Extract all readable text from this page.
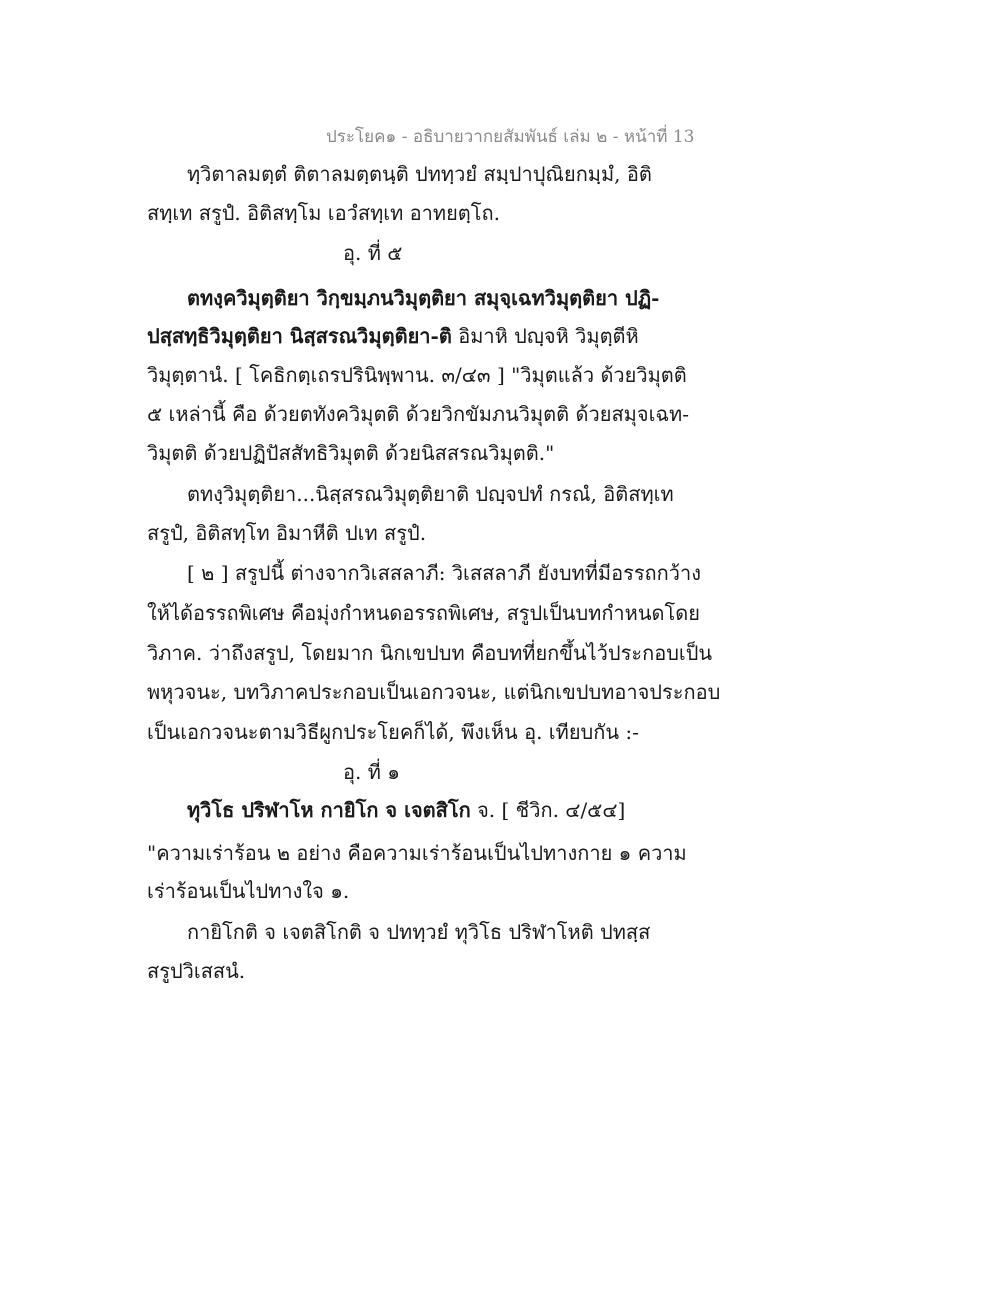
ประโยค๑ - อธิบายวากยสัมพันธ์ เล่ม ๒ - หน้าที่ 13
ทฺวิตาลมตฺตํ ติตาลมตฺตนฺติ ปททฺวยํ สมฺปาปุณิยกมฺมํ, อิติ
สทฺเท สรูปํ. อิติสทฺโม เอวํสทฺเท อาทยตฺโถ.
อุ. ที่ ๕
ตทงฺควิมุตฺติยา วิกฺขมฺภนวิมุตฺติยา สมุจฺเฉทวิมุตฺติยา ปฏิ-
ปสฺสทฺธิวิมุตฺติยา นิสฺสรณวิมุตฺติยา-ติ อิมาหิ ปญฺจหิ วิมุตฺตีหิ
วิมุตฺตานํ. [ โคธิกตฺเถรปรินิพฺพาน. ๓/๔๓ ] "วิมุตแล้ว ด้วยวิมุตติ
๕ เหล่านี้ คือ ด้วยตทังควิมุตติ ด้วยวิกขัมภนวิมุตติ ด้วยสมุจเฉท-
วิมุตติ ด้วยปฏิปัสสัทธิวิมุตติ ด้วยนิสสรณวิมุตติ."
ตทงฺวิมุตฺติยา...นิสฺสรณวิมุตฺติยาติ ปญฺจปทํ กรณํ, อิติสทฺเท
สรูปํ, อิติสทฺโท อิมาหีติ ปเท สรูปํ.
[ ๒ ] สรูปนี้ ต่างจากวิเสสลาภี: วิเสสลาภี ยังบทที่มีอรรถกว้าง
ให้ได้อรรถพิเศษ คือมุ่งกำหนดอรรถพิเศษ, สรูปเป็นบทกำหนดโดย
วิภาค. ว่าถึงสรูป, โดยมาก นิกเขปบท คือบทที่ยกขึ้นไว้ประกอบเป็น
พหุวจนะ, บทวิภาคประกอบเป็นเอกวจนะ, แต่นิกเขปบทอาจประกอบ
เป็นเอกวจนะตามวิธีผูกประโยคก็ได้, พึงเห็น อุ. เทียบกัน :-
อุ. ที่ ๑
ทุวิโธ ปริฬาโห กายิโก จ เจตสิโก จ. [ ชีวิก. ๔/๕๔]
"ความเร่าร้อน ๒ อย่าง คือความเร่าร้อนเป็นไปทางกาย ๑ ความ
เร่าร้อนเป็นไปทางใจ ๑.
กายิโกติ จ เจตสิโกติ จ ปททฺวยํ ทุวิโธ ปริฬาโหติ ปทสฺส
สรูปวิเสสนํ.
